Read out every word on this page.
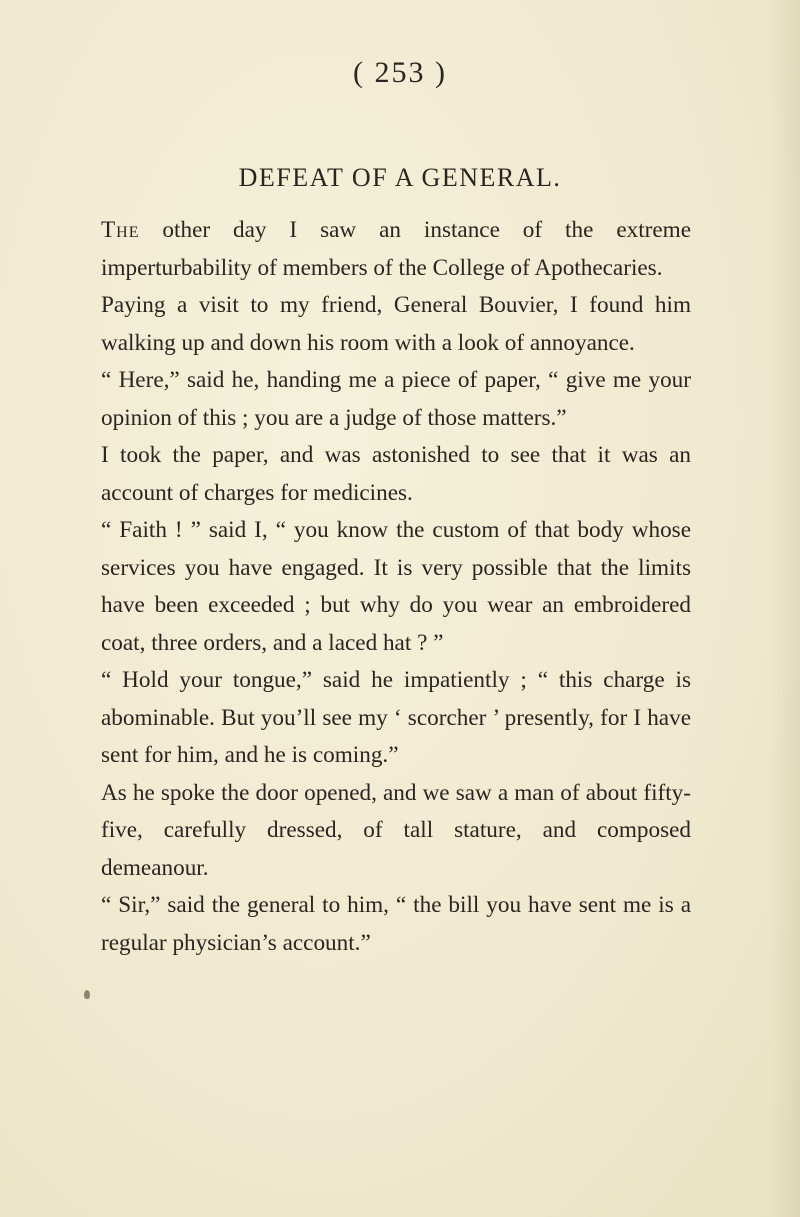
( 253 )
DEFEAT OF A GENERAL.

The other day I saw an instance of the extreme imperturbability of members of the College of Apothecaries.

Paying a visit to my friend, General Bouvier, I found him walking up and down his room with a look of annoyance.

“ Here,” said he, handing me a piece of paper, “ give me your opinion of this ; you are a judge of those matters.”

I took the paper, and was astonished to see that it was an account of charges for medicines.

“ Faith ! ” said I, “ you know the custom of that body whose services you have engaged. It is very possible that the limits have been exceeded ; but why do you wear an embroidered coat, three orders, and a laced hat ? ”

“ Hold your tongue,” said he impatiently ; “ this charge is abominable. But you’ll see my ‘ scorcher ’ presently, for I have sent for him, and he is coming.”

As he spoke the door opened, and we saw a man of about fifty-five, carefully dressed, of tall stature, and composed demeanour.

“ Sir,” said the general to him, “ the bill you have sent me is a regular physician’s account.”
